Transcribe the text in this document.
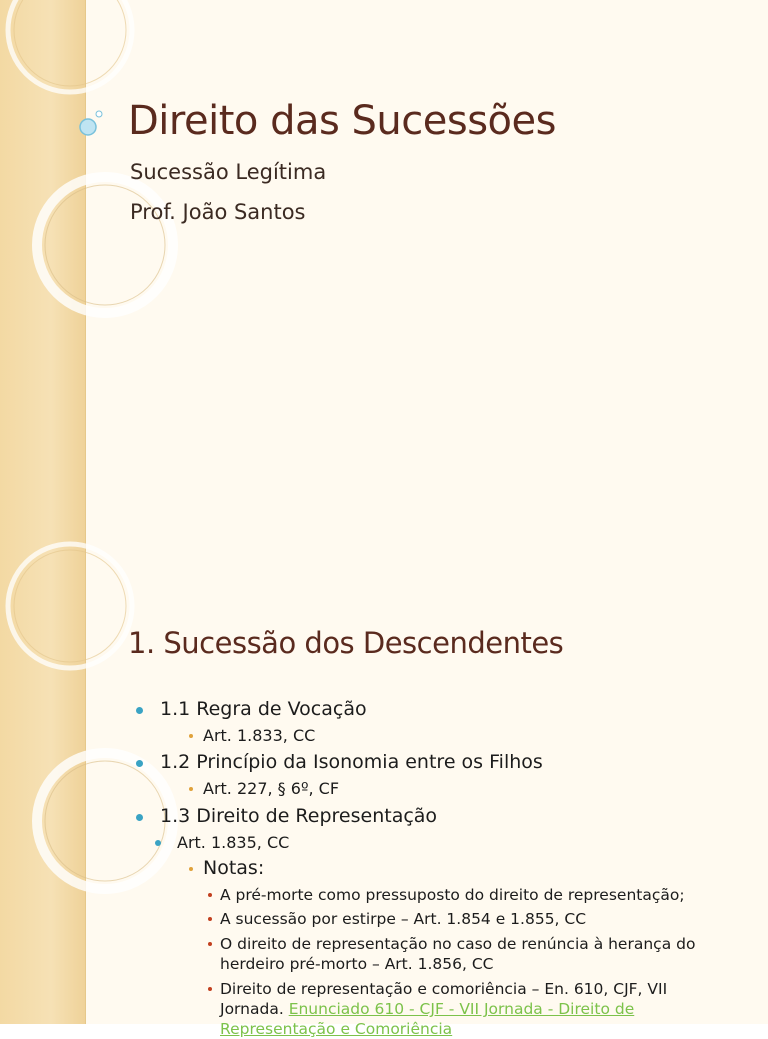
Direito das Sucessões
Sucessão Legítima
Prof. João Santos
1. Sucessão dos Descendentes
1.1 Regra de Vocação
Art. 1.833, CC
1.2 Princípio da Isonomia entre os Filhos
Art. 227, § 6º, CF
1.3 Direito de Representação
Art. 1.835, CC
Notas:
A pré-morte como pressuposto do direito de representação;
A sucessão por estirpe – Art. 1.854 e 1.855, CC
O direito de representação no caso de renúncia à herança do
herdeiro pré-morto – Art. 1.856, CC
Direito de representação e comoriência – En. 610, CJF, VII
Jornada. Enunciado 610 - CJF - VII Jornada - Direito de
Representação e Comoriência
